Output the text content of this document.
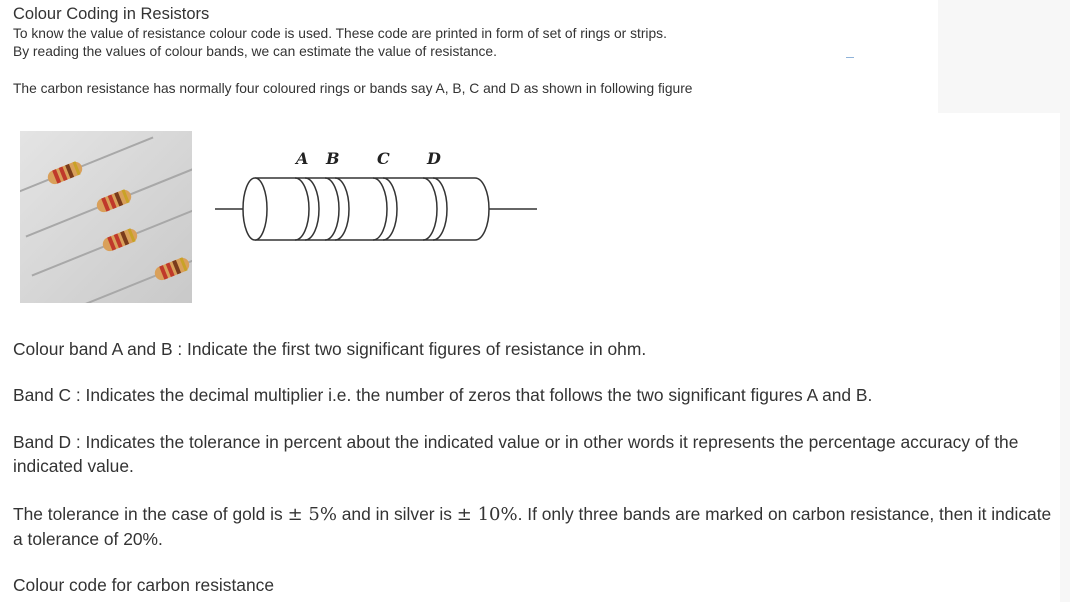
Colour Coding in Resistors
To know the value of resistance colour code is used. These code are printed in form of set of rings or strips.
By reading the values of colour bands, we can estimate the value of resistance.
The carbon resistance has normally four coloured rings or bands say A, B, C and D as shown in following figure
A B C D
Colour band A and B : Indicate the first two significant figures of resistance in ohm.
Band C : Indicates the decimal multiplier i.e. the number of zeros that follows the two significant figures A and B.
Band D : Indicates the tolerance in percent about the indicated value or in other words it represents the percentage accuracy of the indicated value.
The tolerance in the case of gold is ± 5% and in silver is ± 10%. If only three bands are marked on carbon resistance, then it indicate a tolerance of 20%.
Colour code for carbon resistance
